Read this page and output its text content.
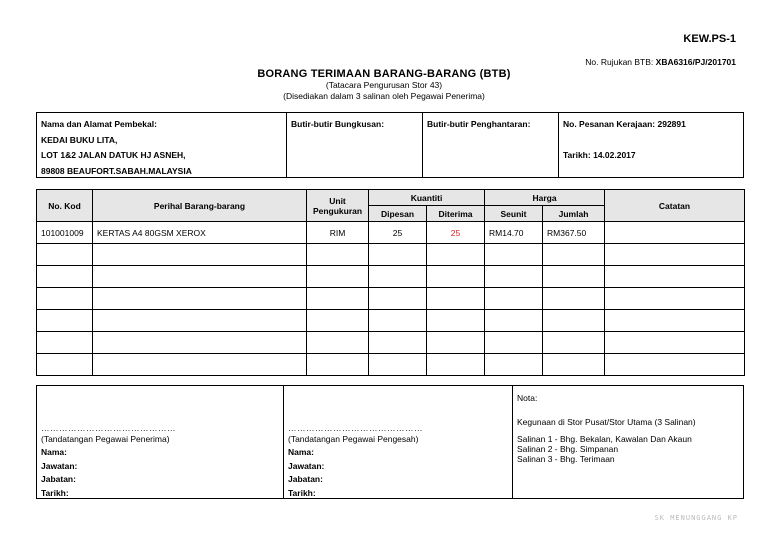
KEW.PS-1
No. Rujukan BTB: XBA6316/PJ/201701
BORANG TERIMAAN BARANG-BARANG (BTB)
(Tatacara Pengurusan Stor 43)
(Disediakan dalam 3 salinan oleh Pegawai Penerima)
Nama dan Alamat Pembekal:
KEDAI BUKU LITA,
LOT 1&2 JALAN DATUK HJ ASNEH,
89808 BEAUFORT.SABAH.MALAYSIA
Butir-butir Bungkusan:	Butir-butir Penghantaran:	No. Pesanan Kerajaan: 292891
Tarikh: 14.02.2017
No. Kod	Perihal Barang-barang	Unit Pengukuran	Kuantiti		Harga		Catatan
			Dipesan	Diterima	Seunit	Jumlah	
101001009	KERTAS A4 80GSM XEROX	RIM	25	25	RM14.70	RM367.50	

………………………………………
(Tandatangan Pegawai Penerima)
Nama:
Jawatan:
Jabatan:
Tarikh:
………………………………………
(Tandatangan Pegawai Pengesah)
Nama:
Jawatan:
Jabatan:
Tarikh:
Nota:
Kegunaan di Stor Pusat/Stor Utama (3 Salinan)
Salinan 1 - Bhg. Bekalan, Kawalan Dan Akaun
Salinan 2 - Bhg. Simpanan
Salinan 3 - Bhg. Terimaan
SK MENUNGGANG KP
